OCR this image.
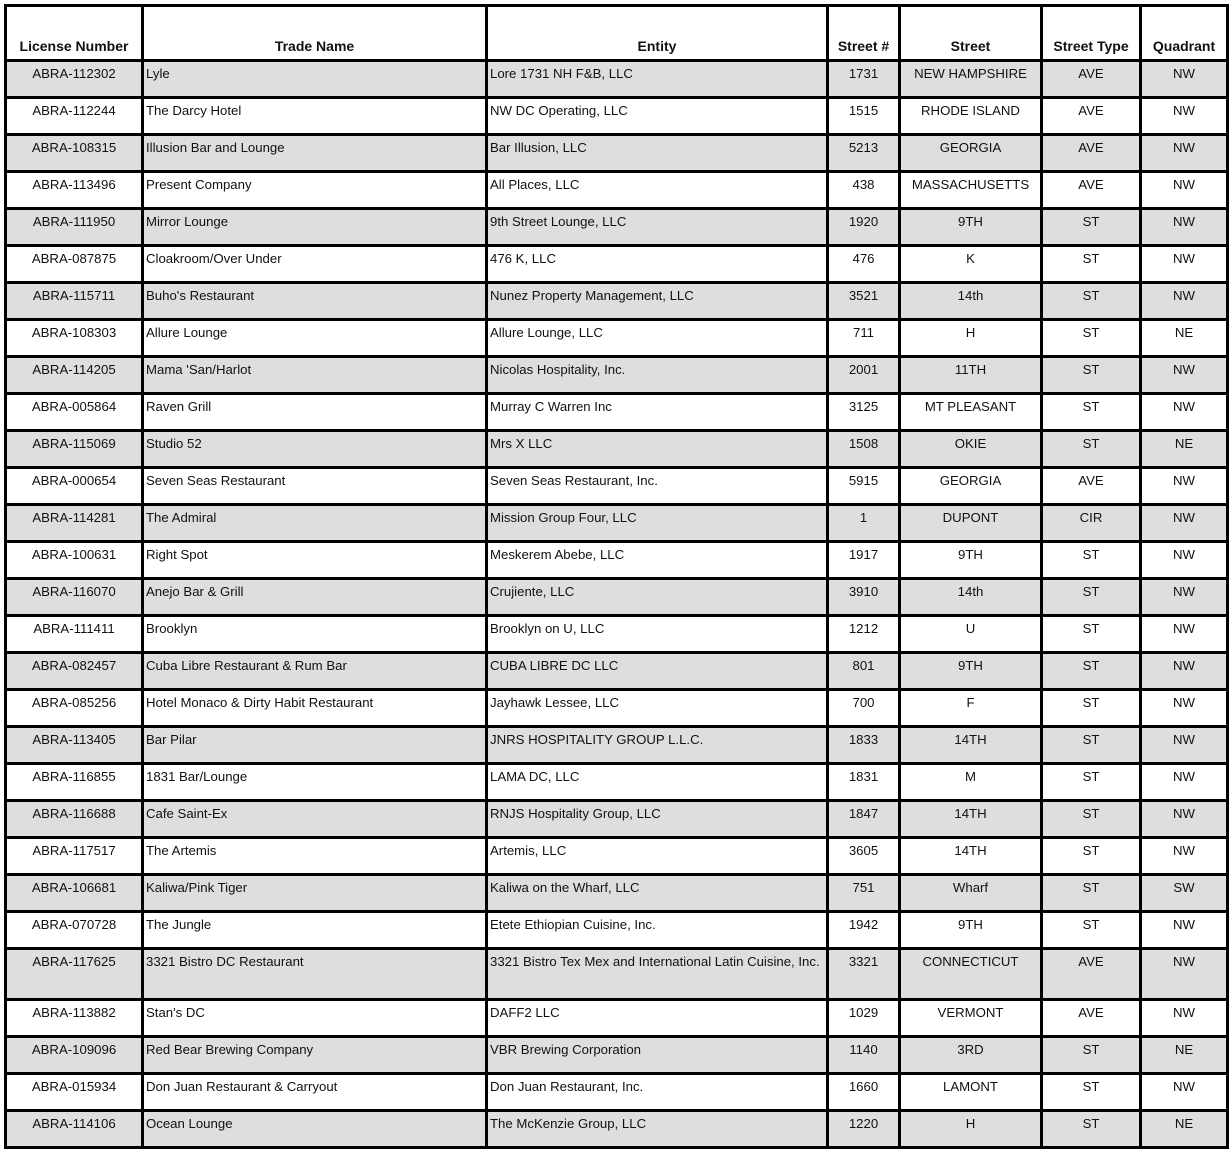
License Number	Trade Name	Entity	Street #	Street	Street Type	Quadrant
ABRA-112302	Lyle	Lore 1731 NH F&B, LLC	1731	NEW HAMPSHIRE	AVE	NW
ABRA-112244	The Darcy Hotel	NW DC Operating, LLC	1515	RHODE ISLAND	AVE	NW
ABRA-108315	Illusion Bar and Lounge	Bar Illusion, LLC	5213	GEORGIA	AVE	NW
ABRA-113496	Present Company	All Places, LLC	438	MASSACHUSETTS	AVE	NW
ABRA-111950	Mirror Lounge	9th Street Lounge, LLC	1920	9TH	ST	NW
ABRA-087875	Cloakroom/Over Under	476 K, LLC	476	K	ST	NW
ABRA-115711	Buho's Restaurant	Nunez Property Management, LLC	3521	14th	ST	NW
ABRA-108303	Allure Lounge	Allure Lounge, LLC	711	H	ST	NE
ABRA-114205	Mama 'San/Harlot	Nicolas Hospitality, Inc.	2001	11TH	ST	NW
ABRA-005864	Raven Grill	Murray C Warren Inc	3125	MT PLEASANT	ST	NW
ABRA-115069	Studio 52	Mrs X LLC	1508	OKIE	ST	NE
ABRA-000654	Seven Seas Restaurant	Seven Seas Restaurant, Inc.	5915	GEORGIA	AVE	NW
ABRA-114281	The Admiral	Mission Group Four, LLC	1	DUPONT	CIR	NW
ABRA-100631	Right Spot	Meskerem Abebe, LLC	1917	9TH	ST	NW
ABRA-116070	Anejo Bar & Grill	Crujiente, LLC	3910	14th	ST	NW
ABRA-111411	Brooklyn	Brooklyn on U, LLC	1212	U	ST	NW
ABRA-082457	Cuba Libre Restaurant & Rum Bar	CUBA LIBRE DC LLC	801	9TH	ST	NW
ABRA-085256	Hotel Monaco & Dirty Habit Restaurant	Jayhawk Lessee, LLC	700	F	ST	NW
ABRA-113405	Bar Pilar	JNRS HOSPITALITY GROUP L.L.C.	1833	14TH	ST	NW
ABRA-116855	1831 Bar/Lounge	LAMA DC, LLC	1831	M	ST	NW
ABRA-116688	Cafe Saint-Ex	RNJS Hospitality Group, LLC	1847	14TH	ST	NW
ABRA-117517	The Artemis	Artemis, LLC	3605	14TH	ST	NW
ABRA-106681	Kaliwa/Pink Tiger	Kaliwa on the Wharf, LLC	751	Wharf	ST	SW
ABRA-070728	The Jungle	Etete Ethiopian Cuisine, Inc.	1942	9TH	ST	NW
ABRA-117625	3321 Bistro DC Restaurant	3321 Bistro Tex Mex and International Latin Cuisine, Inc.	3321	CONNECTICUT	AVE	NW
ABRA-113882	Stan's DC	DAFF2 LLC	1029	VERMONT	AVE	NW
ABRA-109096	Red Bear Brewing Company	VBR Brewing Corporation	1140	3RD	ST	NE
ABRA-015934	Don Juan Restaurant & Carryout	Don Juan Restaurant, Inc.	1660	LAMONT	ST	NW
ABRA-114106	Ocean Lounge	The McKenzie Group, LLC	1220	H	ST	NE
